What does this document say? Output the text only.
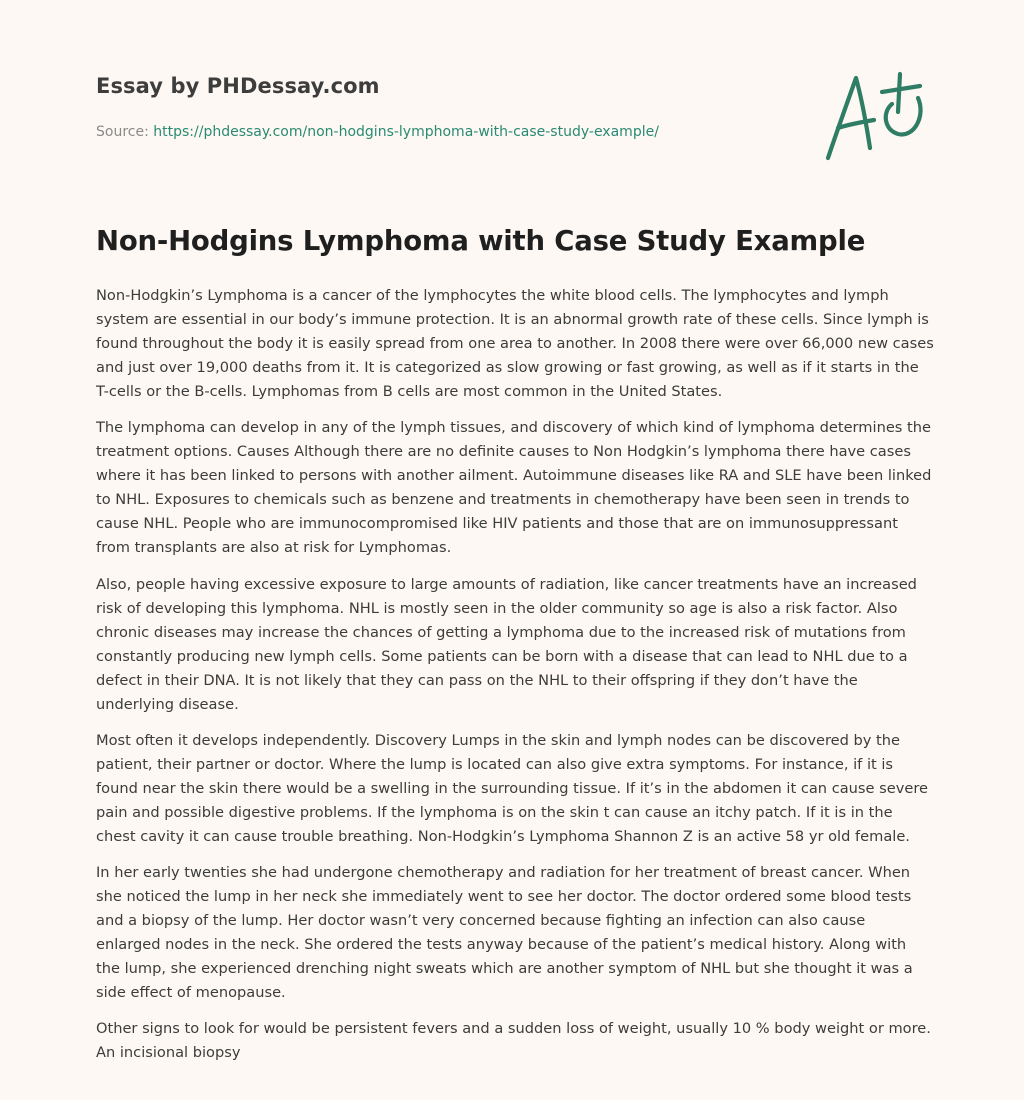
Essay by PHDessay.com
Source: https://phdessay.com/non-hodgins-lymphoma-with-case-study-example/
Non-Hodgins Lymphoma with Case Study Example

Non-Hodgkin’s Lymphoma is a cancer of the lymphocytes the white blood cells. The lymphocytes and lymph system are essential in our body’s immune protection. It is an abnormal growth rate of these cells. Since lymph is found throughout the body it is easily spread from one area to another. In 2008 there were over 66,000 new cases and just over 19,000 deaths from it. It is categorized as slow growing or fast growing, as well as if it starts in the T-cells or the B-cells. Lymphomas from B cells are most common in the United States.

The lymphoma can develop in any of the lymph tissues, and discovery of which kind of lymphoma determines the treatment options. Causes Although there are no definite causes to Non Hodgkin’s lymphoma there have cases where it has been linked to persons with another ailment. Autoimmune diseases like RA and SLE have been linked to NHL. Exposures to chemicals such as benzene and treatments in chemotherapy have been seen in trends to cause NHL. People who are immunocompromised like HIV patients and those that are on immunosuppressant from transplants are also at risk for Lymphomas.

Also, people having excessive exposure to large amounts of radiation, like cancer treatments have an increased risk of developing this lymphoma. NHL is mostly seen in the older community so age is also a risk factor. Also chronic diseases may increase the chances of getting a lymphoma due to the increased risk of mutations from constantly producing new lymph cells. Some patients can be born with a disease that can lead to NHL due to a defect in their DNA. It is not likely that they can pass on the NHL to their offspring if they don’t have the underlying disease.

Most often it develops independently. Discovery Lumps in the skin and lymph nodes can be discovered by the patient, their partner or doctor. Where the lump is located can also give extra symptoms. For instance, if it is found near the skin there would be a swelling in the surrounding tissue. If it’s in the abdomen it can cause severe pain and possible digestive problems. If the lymphoma is on the skin t can cause an itchy patch. If it is in the chest cavity it can cause trouble breathing. Non-Hodgkin’s Lymphoma Shannon Z is an active 58 yr old female.

In her early twenties she had undergone chemotherapy and radiation for her treatment of breast cancer. When she noticed the lump in her neck she immediately went to see her doctor. The doctor ordered some blood tests and a biopsy of the lump. Her doctor wasn’t very concerned because fighting an infection can also cause enlarged nodes in the neck. She ordered the tests anyway because of the patient’s medical history. Along with the lump, she experienced drenching night sweats which are another symptom of NHL but she thought it was a side effect of menopause.

Other signs to look for would be persistent fevers and a sudden loss of weight, usually 10 % body weight or more. An incisional biopsy
